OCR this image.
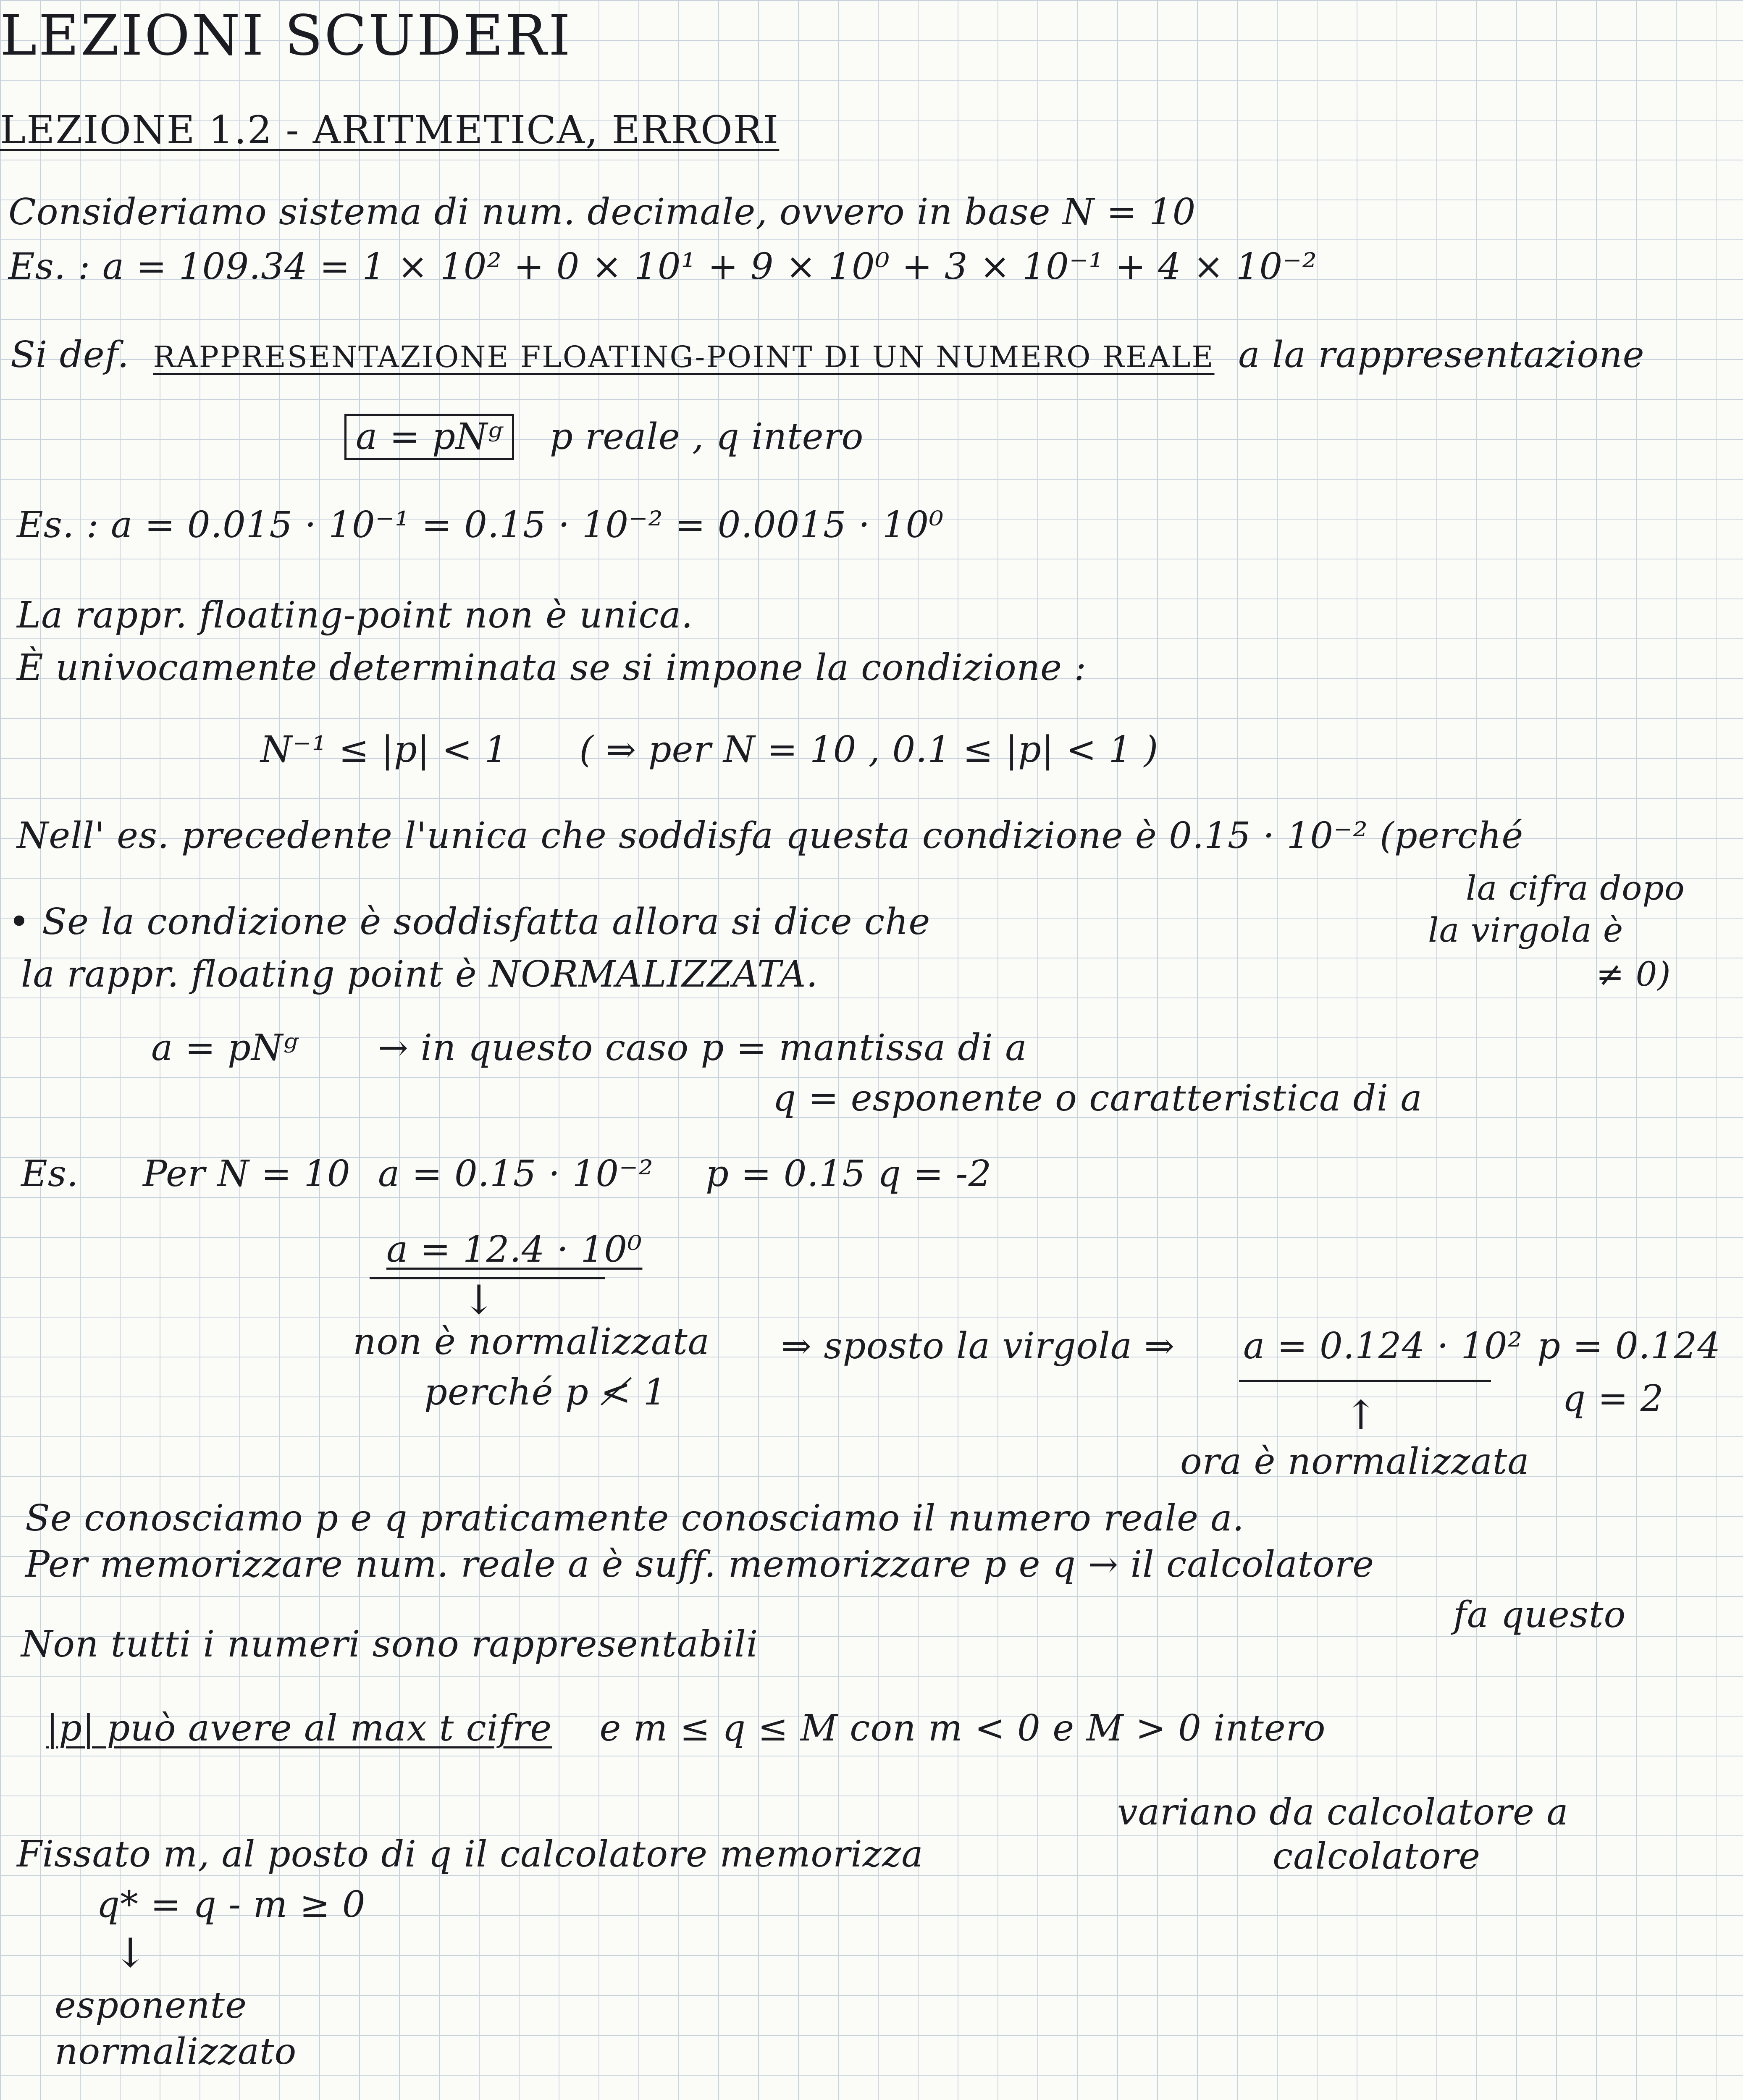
LEZIONI SCUDERI
LEZIONE 1.2 - ARITMETICA, ERRORI
Consideriamo sistema di num. decimale, ovvero in base N = 10
Es. : a = 109.34 = 1 × 10² + 0 × 10¹ + 9 × 10⁰ + 3 × 10⁻¹ + 4 × 10⁻²
Si def. RAPPRESENTAZIONE FLOATING-POINT DI UN NUMERO REALE a la rappresentazione
a = pNᵍ p reale , q intero
Es. : a = 0.015 · 10⁻¹ = 0.15 · 10⁻² = 0.0015 · 10⁰
La rappr. floating-point non è unica.
È univocamente determinata se si impone la condizione :
N⁻¹ ≤ |p| < 1 ( ⇒ per N = 10 , 0.1 ≤ |p| < 1 )
Nell' es. precedente l'unica che soddisfa questa condizione è 0.15 · 10⁻² (perché
la cifra dopo
la virgola è
≠ 0)
• Se la condizione è soddisfatta allora si dice che
la rappr. floating point è NORMALIZZATA.
a = pNᵍ → in questo caso p = mantissa di a
q = esponente o caratteristica di a
Es. Per N = 10 a = 0.15 · 10⁻² p = 0.15 q = -2
a = 12.4 · 10⁰
↓
non è normalizzata
perché p ≮ 1
⇒ sposto la virgola ⇒ a = 0.124 · 10² p = 0.124
q = 2
↑
ora è normalizzata
Se conosciamo p e q praticamente conosciamo il numero reale a.
Per memorizzare num. reale a è suff. memorizzare p e q → il calcolatore
fa questo
Non tutti i numeri sono rappresentabili
|p| può avere al max t cifre e m ≤ q ≤ M con m < 0 e M > 0 intero
variano da calcolatore a
calcolatore
Fissato m, al posto di q il calcolatore memorizza
q* = q - m ≥ 0
↓
esponente
normalizzato
